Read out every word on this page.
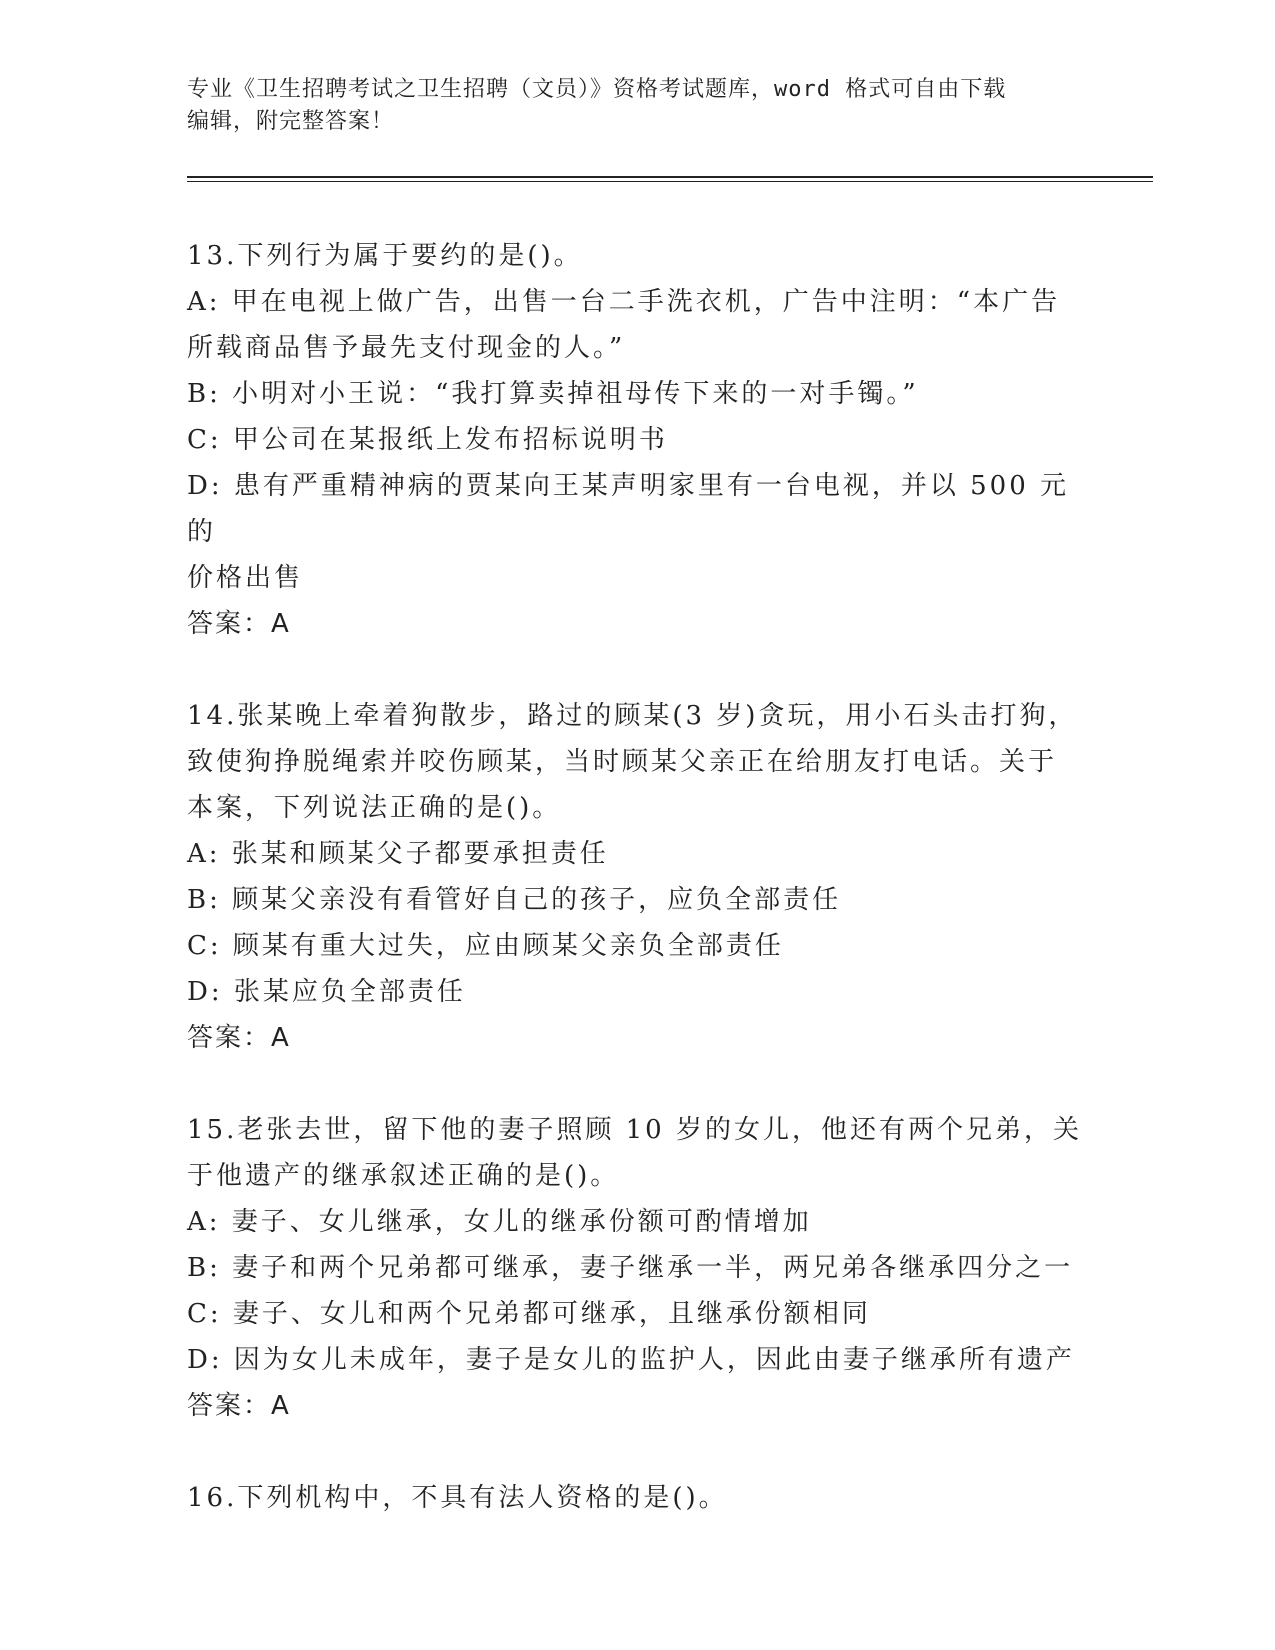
专业《卫生招聘考试之卫生招聘（文员）》资格考试题库，word 格式可自由下载
编辑，附完整答案！

13.下列行为属于要约的是()。

A: 甲在电视上做广告，出售一台二手洗衣机，广告中注明：“本广告

所载商品售予最先支付现金的人。”

B: 小明对小王说：“我打算卖掉祖母传下来的一对手镯。”

C: 甲公司在某报纸上发布招标说明书

D: 患有严重精神病的贾某向王某声明家里有一台电视，并以 500 元的

价格出售

答案：A

14.张某晚上牵着狗散步，路过的顾某(3 岁)贪玩，用小石头击打狗，

致使狗挣脱绳索并咬伤顾某，当时顾某父亲正在给朋友打电话。关于

本案，下列说法正确的是()。

A: 张某和顾某父子都要承担责任

B: 顾某父亲没有看管好自己的孩子，应负全部责任

C: 顾某有重大过失，应由顾某父亲负全部责任

D: 张某应负全部责任

答案：A

15.老张去世，留下他的妻子照顾 10 岁的女儿，他还有两个兄弟，关

于他遗产的继承叙述正确的是()。

A: 妻子、女儿继承，女儿的继承份额可酌情增加

B: 妻子和两个兄弟都可继承，妻子继承一半，两兄弟各继承四分之一

C: 妻子、女儿和两个兄弟都可继承，且继承份额相同

D: 因为女儿未成年，妻子是女儿的监护人，因此由妻子继承所有遗产

答案：A

16.下列机构中，不具有法人资格的是()。
